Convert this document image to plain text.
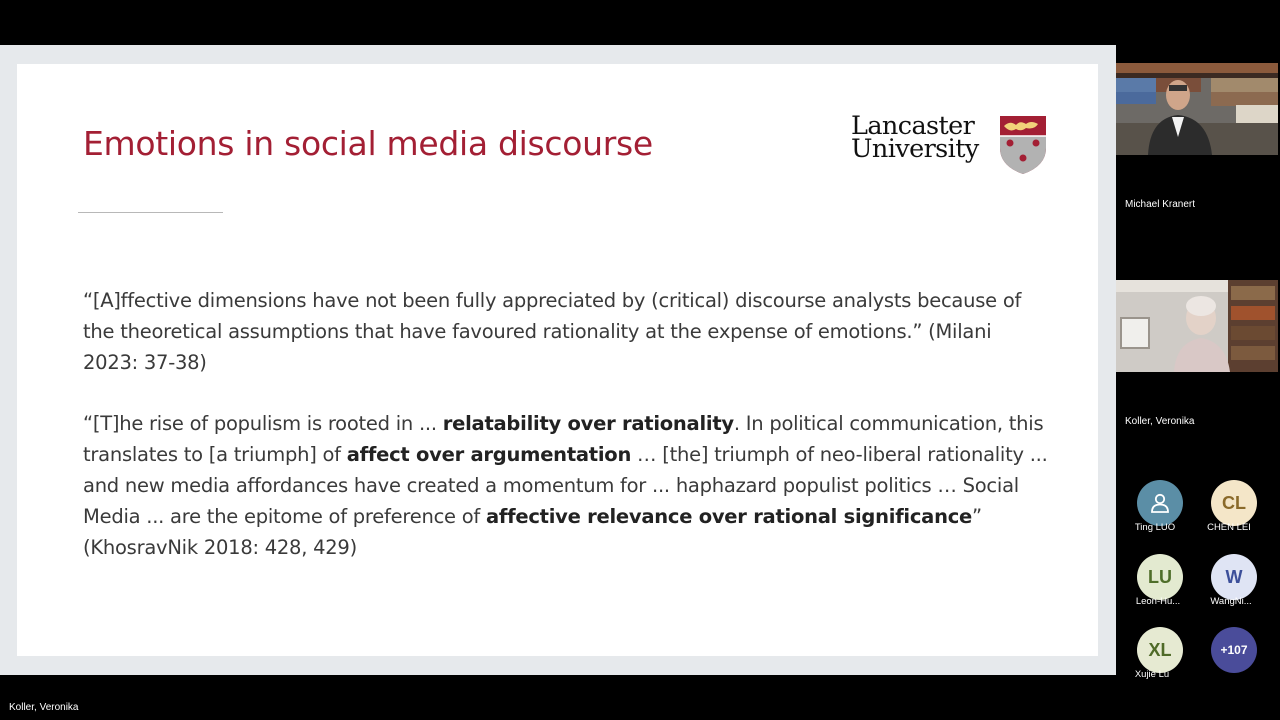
Emotions in social media discourse	Lancaster
University

“[A]ffective dimensions have not been fully appreciated by (critical) discourse analysts because of the theoretical assumptions that have favoured rationality at the expense of emotions.” (Milani 2023: 37-38)

“[T]he rise of populism is rooted in ... relatability over rationality. In political communication, this translates to [a triumph] of affect over argumentation … [the] triumph of neo-liberal rationality ... and new media affordances have created a momentum for ... haphazard populist politics … Social Media ... are the epitome of preference of affective relevance over rational significance” (KhosravNik 2018: 428, 429)

Michael Kranert
Koller, Veronika
Ting LUO
CL
CHEN LEI
LU
Leon-Hu...
W
WangNi...
XL
Xujie Lu
+107
Koller, Veronika
